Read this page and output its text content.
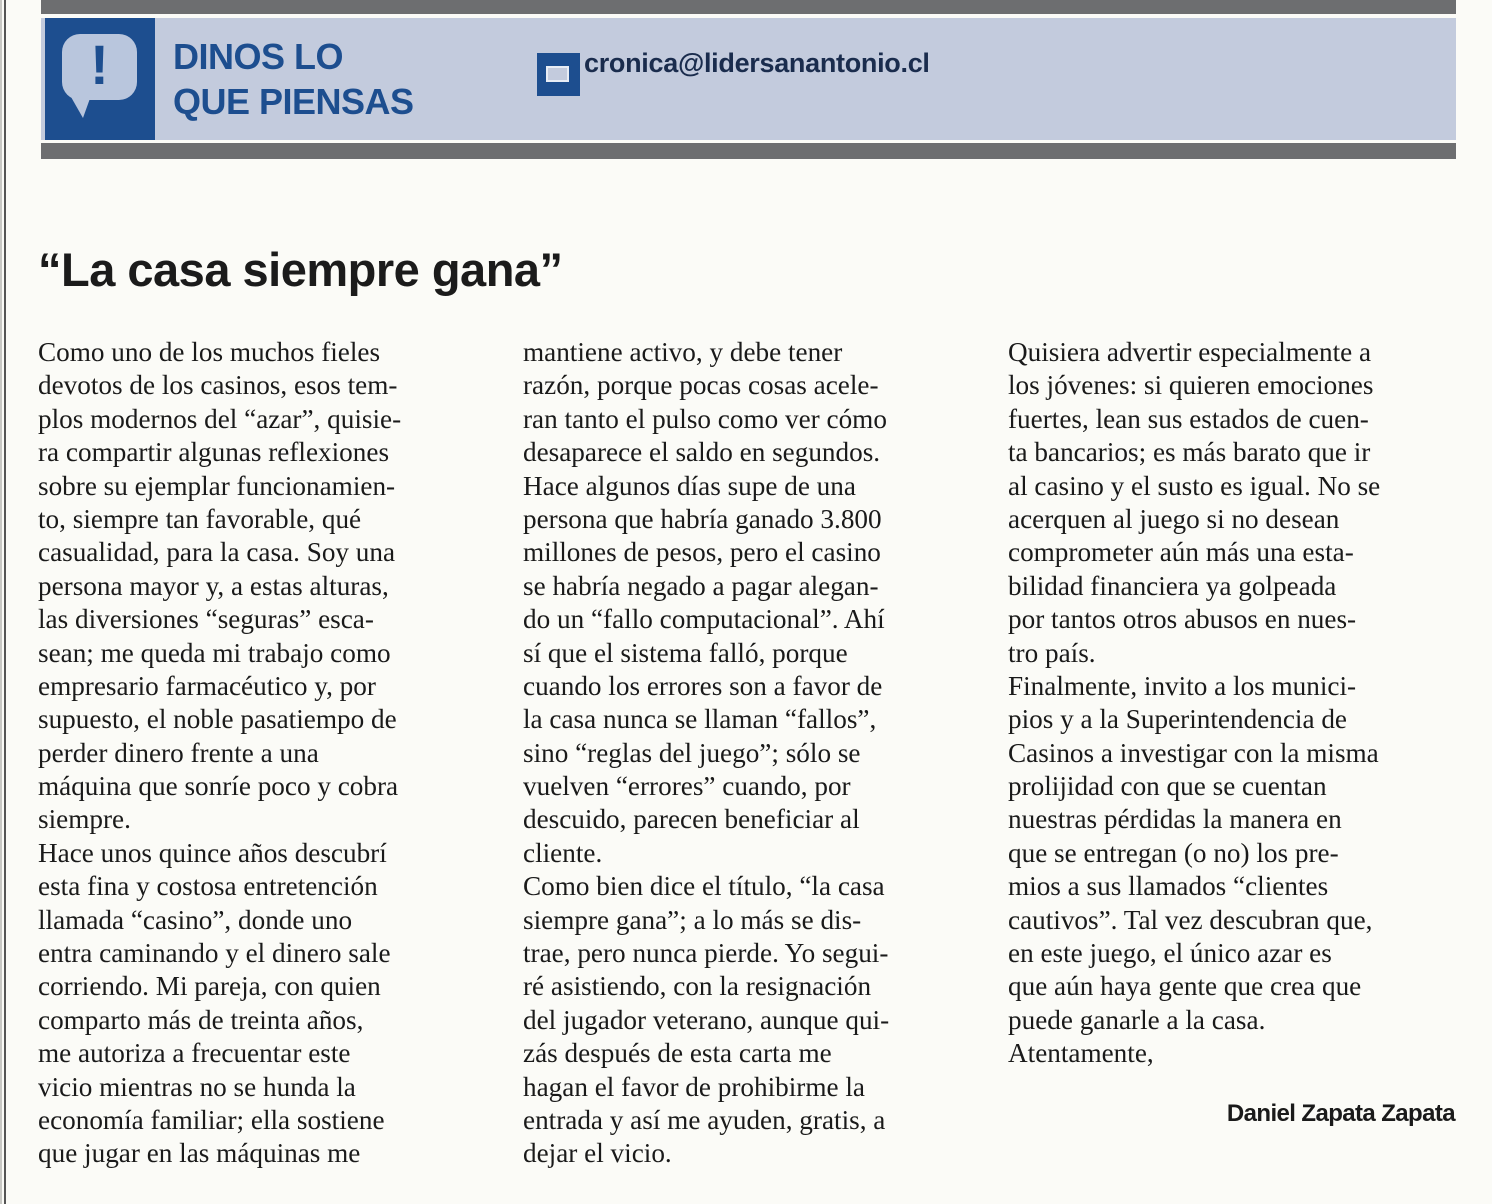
!	DINOS LO
QUE PIENSAS
cronica@lidersanantonio.cl
“La casa siempre gana”
Como uno de los muchos fieles
devotos de los casinos, esos tem-
plos modernos del “azar”, quisie-
ra compartir algunas reflexiones
sobre su ejemplar funcionamien-
to, siempre tan favorable, qué
casualidad, para la casa. Soy una
persona mayor y, a estas alturas,
las diversiones “seguras” esca-
sean; me queda mi trabajo como
empresario farmacéutico y, por
supuesto, el noble pasatiempo de
perder dinero frente a una
máquina que sonríe poco y cobra
siempre.
Hace unos quince años descubrí
esta fina y costosa entretención
llamada “casino”, donde uno
entra caminando y el dinero sale
corriendo. Mi pareja, con quien
comparto más de treinta años,
me autoriza a frecuentar este
vicio mientras no se hunda la
economía familiar; ella sostiene
que jugar en las máquinas me
mantiene activo, y debe tener
razón, porque pocas cosas acele-
ran tanto el pulso como ver cómo
desaparece el saldo en segundos.
Hace algunos días supe de una
persona que habría ganado 3.800
millones de pesos, pero el casino
se habría negado a pagar alegan-
do un “fallo computacional”. Ahí
sí que el sistema falló, porque
cuando los errores son a favor de
la casa nunca se llaman “fallos”,
sino “reglas del juego”; sólo se
vuelven “errores” cuando, por
descuido, parecen beneficiar al
cliente.
Como bien dice el título, “la casa
siempre gana”; a lo más se dis-
trae, pero nunca pierde. Yo segui-
ré asistiendo, con la resignación
del jugador veterano, aunque qui-
zás después de esta carta me
hagan el favor de prohibirme la
entrada y así me ayuden, gratis, a
dejar el vicio.
Quisiera advertir especialmente a
los jóvenes: si quieren emociones
fuertes, lean sus estados de cuen-
ta bancarios; es más barato que ir
al casino y el susto es igual. No se
acerquen al juego si no desean
comprometer aún más una esta-
bilidad financiera ya golpeada
por tantos otros abusos en nues-
tro país.
Finalmente, invito a los munici-
pios y a la Superintendencia de
Casinos a investigar con la misma
prolijidad con que se cuentan
nuestras pérdidas la manera en
que se entregan (o no) los pre-
mios a sus llamados “clientes
cautivos”. Tal vez descubran que,
en este juego, el único azar es
que aún haya gente que crea que
puede ganarle a la casa.
Atentamente,
Daniel Zapata Zapata
